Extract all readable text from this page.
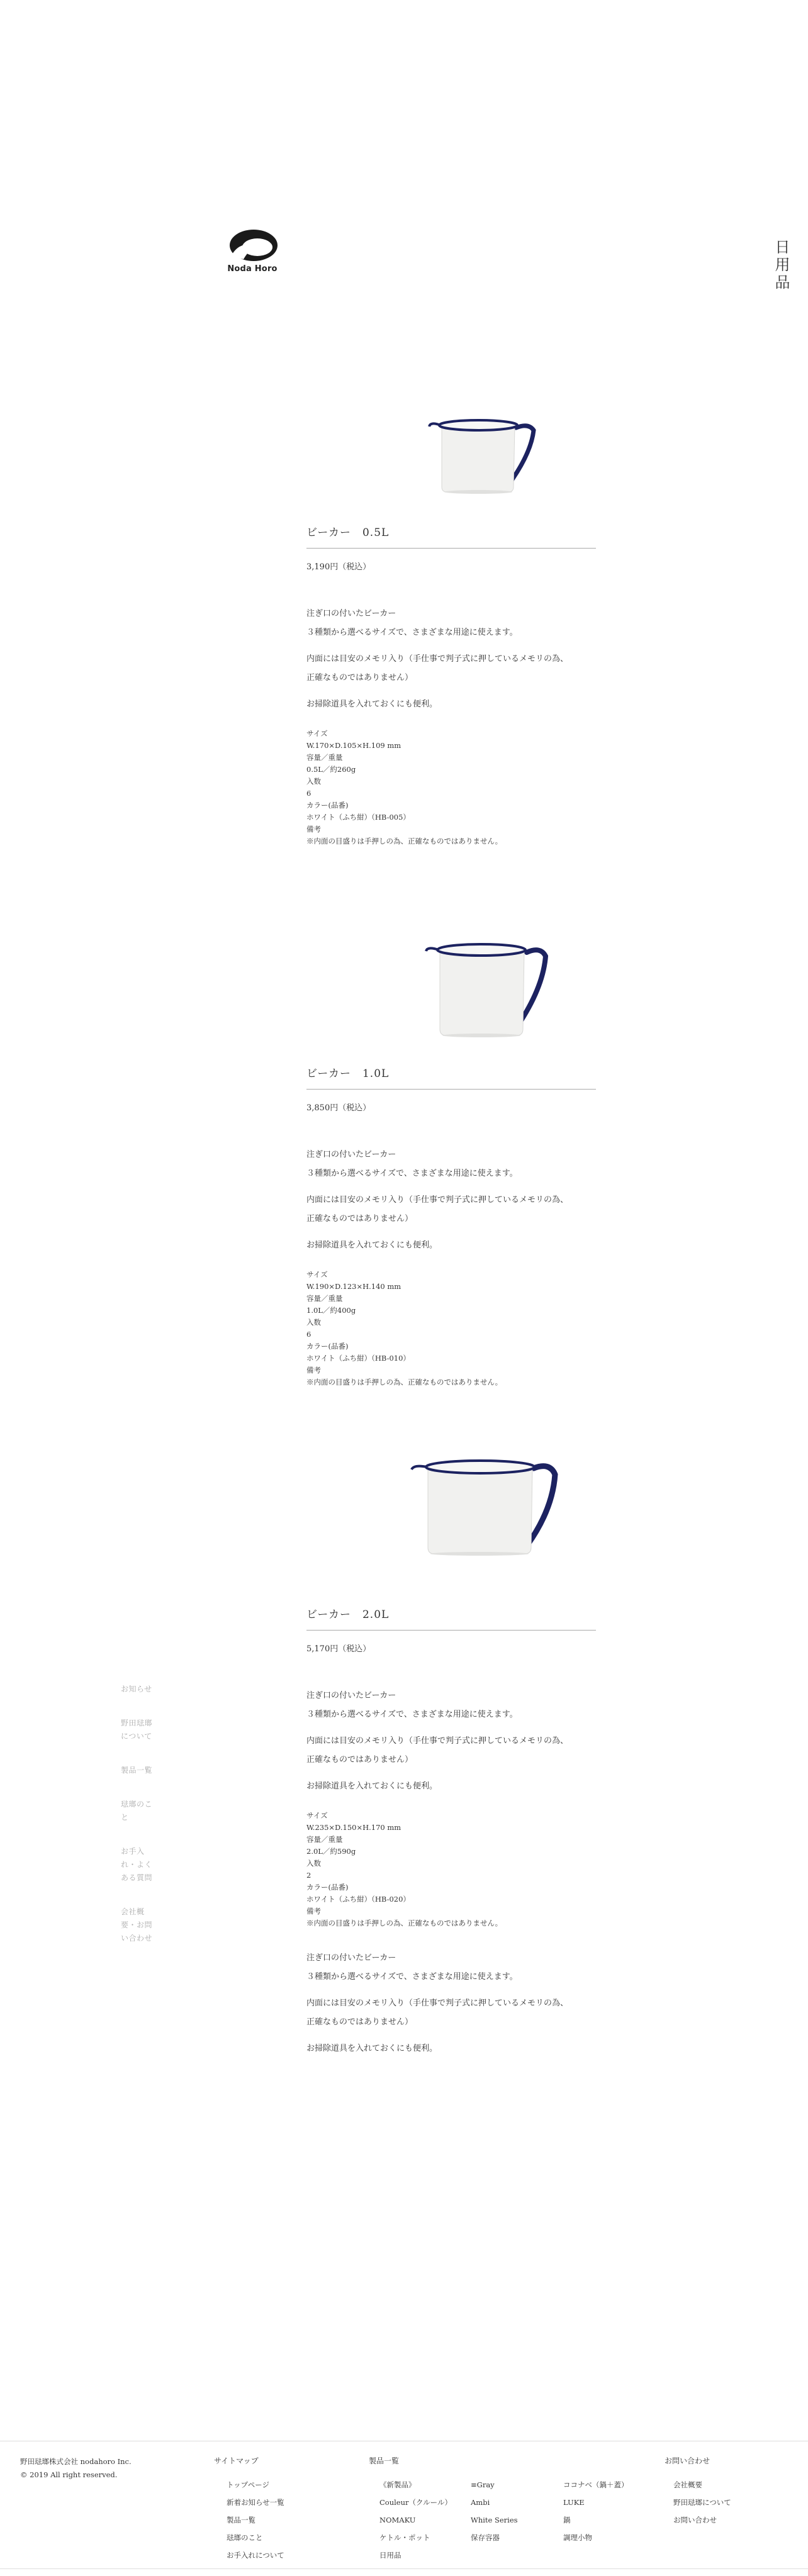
Noda Horo	日用品
ビーカー　0.5L
3,190円（税込）

注ぎ口の付いたビーカー
３種類から選べるサイズで、さまざまな用途に使えます。

内面には目安のメモリ入り（手仕事で判子式に押しているメモリの為、
正確なものではありません）

お掃除道具を入れておくにも便利。

サイズ
W.170×D.105×H.109 mm
容量／重量
0.5L／約260g
入数
6
カラー(品番)
ホワイト（ふち紺）（HB-005）
備考
※内面の目盛りは手押しの為、正確なものではありません。
ビーカー　1.0L
3,850円（税込）

注ぎ口の付いたビーカー
３種類から選べるサイズで、さまざまな用途に使えます。

内面には目安のメモリ入り（手仕事で判子式に押しているメモリの為、
正確なものではありません）

お掃除道具を入れておくにも便利。

サイズ
W.190×D.123×H.140 mm
容量／重量
1.0L／約400g
入数
6
カラー(品番)
ホワイト（ふち紺）（HB-010）
備考
※内面の目盛りは手押しの為、正確なものではありません。
ビーカー　2.0L
5,170円（税込）

注ぎ口の付いたビーカー
３種類から選べるサイズで、さまざまな用途に使えます。

内面には目安のメモリ入り（手仕事で判子式に押しているメモリの為、
正確なものではありません）

お掃除道具を入れておくにも便利。

サイズ
W.235×D.150×H.170 mm
容量／重量
2.0L／約590g
入数
2
カラー(品番)
ホワイト（ふち紺）（HB-020）
備考
※内面の目盛りは手押しの為、正確なものではありません。

注ぎ口の付いたビーカー
３種類から選べるサイズで、さまざまな用途に使えます。

内面には目安のメモリ入り（手仕事で判子式に押しているメモリの為、
正確なものではありません）

お掃除道具を入れておくにも便利。

お知らせ
野田琺瑯について
製品一覧
琺瑯のこと
お手入れ・よくある質問
会社概要・お問い合わせ
野田琺瑯株式会社 nodahoro Inc.
© 2019 All right reserved.
サイトマップ
トップページ
新着お知らせ一覧
製品一覧
琺瑯のこと
お手入れについて
製品一覧
《新製品》
Couleur（クルール）
NOMAKU
ケトル・ポット
日用品
≡Gray
Ambi
White Series
保存容器
ココナベ（鍋＋蓋）
LUKE
鍋
調理小物
お問い合わせ
会社概要
野田琺瑯について
お問い合わせ
